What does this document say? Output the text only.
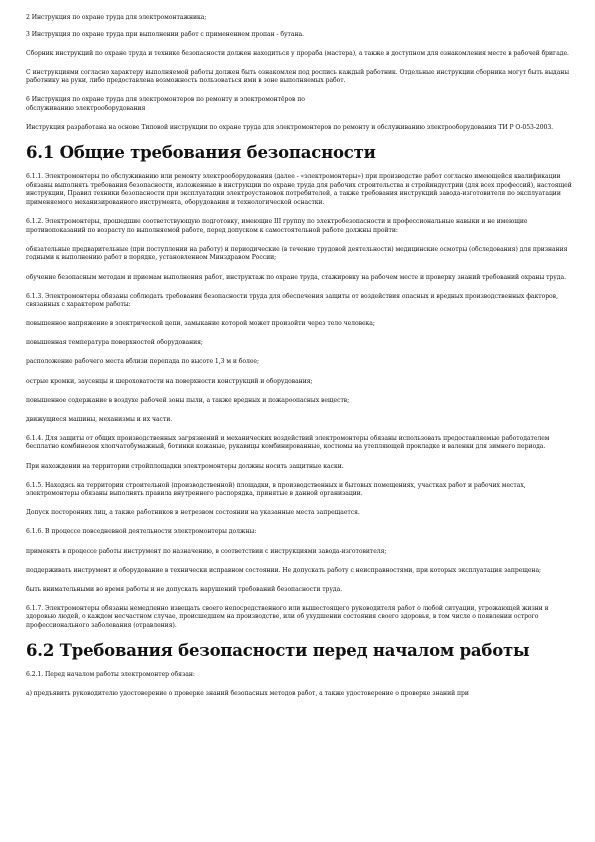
2 Инструкция по охране труда для электромонтажника;

3 Инструкция по охране труда при выполнении работ с применением пропан - бутана.

Сборник инструкций по охране труда и технике безопасности должен находиться у прораба (мастера), а также в доступном для ознакомления месте в рабочей бригаде.

С инструкциями согласно характеру выполняемой работы должен быть ознакомлен под роспись каждый работник. Отдельные инструкции сборника могут быть выданы работнику на руки, либо предоставлена возможность пользоваться ими в зоне выполняемых работ.

6 Инструкция по охране труда для электромонтеров по ремонту и электромонтёров по обслуживанию электрооборудования

Инструкция разработана на основе Типовой инструкции по охране труда для электромонтеров по ремонту и обслуживанию электрооборудования ТИ Р О-053-2003.

6.1 Общие требования безопасности

6.1.1. Электромонтеры по обслуживанию или ремонту электрооборудования (далее - «электромонтеры») при производстве работ согласно имеющейся квалификации обязаны выполнять требования безопасности, изложенные в инструкции по охране труда для рабочих строительства и стройиндустрии (для всех профессий), настоящей инструкции, Правил техники безопасности при эксплуатации электроустановок потребителей, а также требования инструкций завода-изготовителя по эксплуатации применяемого механизированного инструмента, оборудования и технологической оснастки.

6.1.2. Электромонтеры, прошедшие соответствующую подготовку, имеющие III группу по электробезопасности и профессиональные навыки и не имеющие противопоказаний по возрасту по выполняемой работе, перед допуском к самостоятельной работе должны пройти:

обязательные предварительные (при поступлении на работу) и периодические (в течение трудовой деятельности) медицинские осмотры (обследования) для признания годными к выполнению работ в порядке, установленном Минздравом России;

обучение безопасным методам и приемам выполнения работ, инструктаж по охране труда, стажировку на рабочем месте и проверку знаний требований охраны труда.

6.1.3. Электромонтеры обязаны соблюдать требования безопасности труда для обеспечения защиты от воздействия опасных и вредных производственных факторов, связанных с характером работы:

повышенное напряжение в электрической цепи, замыкание которой может произойти через тело человека;

повышенная температура поверхностей оборудования;

расположение рабочего места вблизи перепада по высоте 1,3 м и более;

острые кромки, заусенцы и шероховатости на поверхности конструкций и оборудования;

повышенное содержание в воздухе рабочей зоны пыли, а также вредных и пожароопасных веществ;

движущиеся машины, механизмы и их части.

6.1.4. Для защиты от общих производственных загрязнений и механических воздействий электромонтеры обязаны использовать предоставляемые работодателем бесплатно комбинезон хлопчатобумажный, ботинки кожаные, рукавицы комбинированные, костюмы на утепляющей прокладке и валенки для зимнего периода.

При нахождении на территории стройплощадки электромонтеры должны носить защитные каски.

6.1.5. Находясь на территории строительной (производственной) площадки, в производственных и бытовых помещениях, участках работ и рабочих местах, электромонтеры обязаны выполнять правила внутреннего распорядка, принятые в данной организации.

Допуск посторонних лиц, а также работников в нетрезвом состоянии на указанные места запрещается.

6.1.6. В процессе повседневной деятельности электромонтеры должны:

применять в процессе работы инструмент по назначению, в соответствии с инструкциями завода-изготовителя;

поддерживать инструмент и оборудование в технически исправном состоянии. Не допускать работу с неисправностями, при которых эксплуатация запрещена;

быть внимательными во время работы и не допускать нарушений требований безопасности труда.

6.1.7. Электромонтеры обязаны немедленно извещать своего непосредственного или вышестоящего руководителя работ о любой ситуации, угрожающей жизни и здоровью людей, о каждом несчастном случае, происшедшем на производстве, или об ухудшении состояния своего здоровья, в том числе о появлении острого профессионального заболевания (отравления).

6.2 Требования безопасности перед началом работы

6.2.1. Перед началом работы электромонтер обязан:

а) предъявить руководителю удостоверение о проверке знаний безопасных методов работ, а также удостоверение о проверке знаний при
